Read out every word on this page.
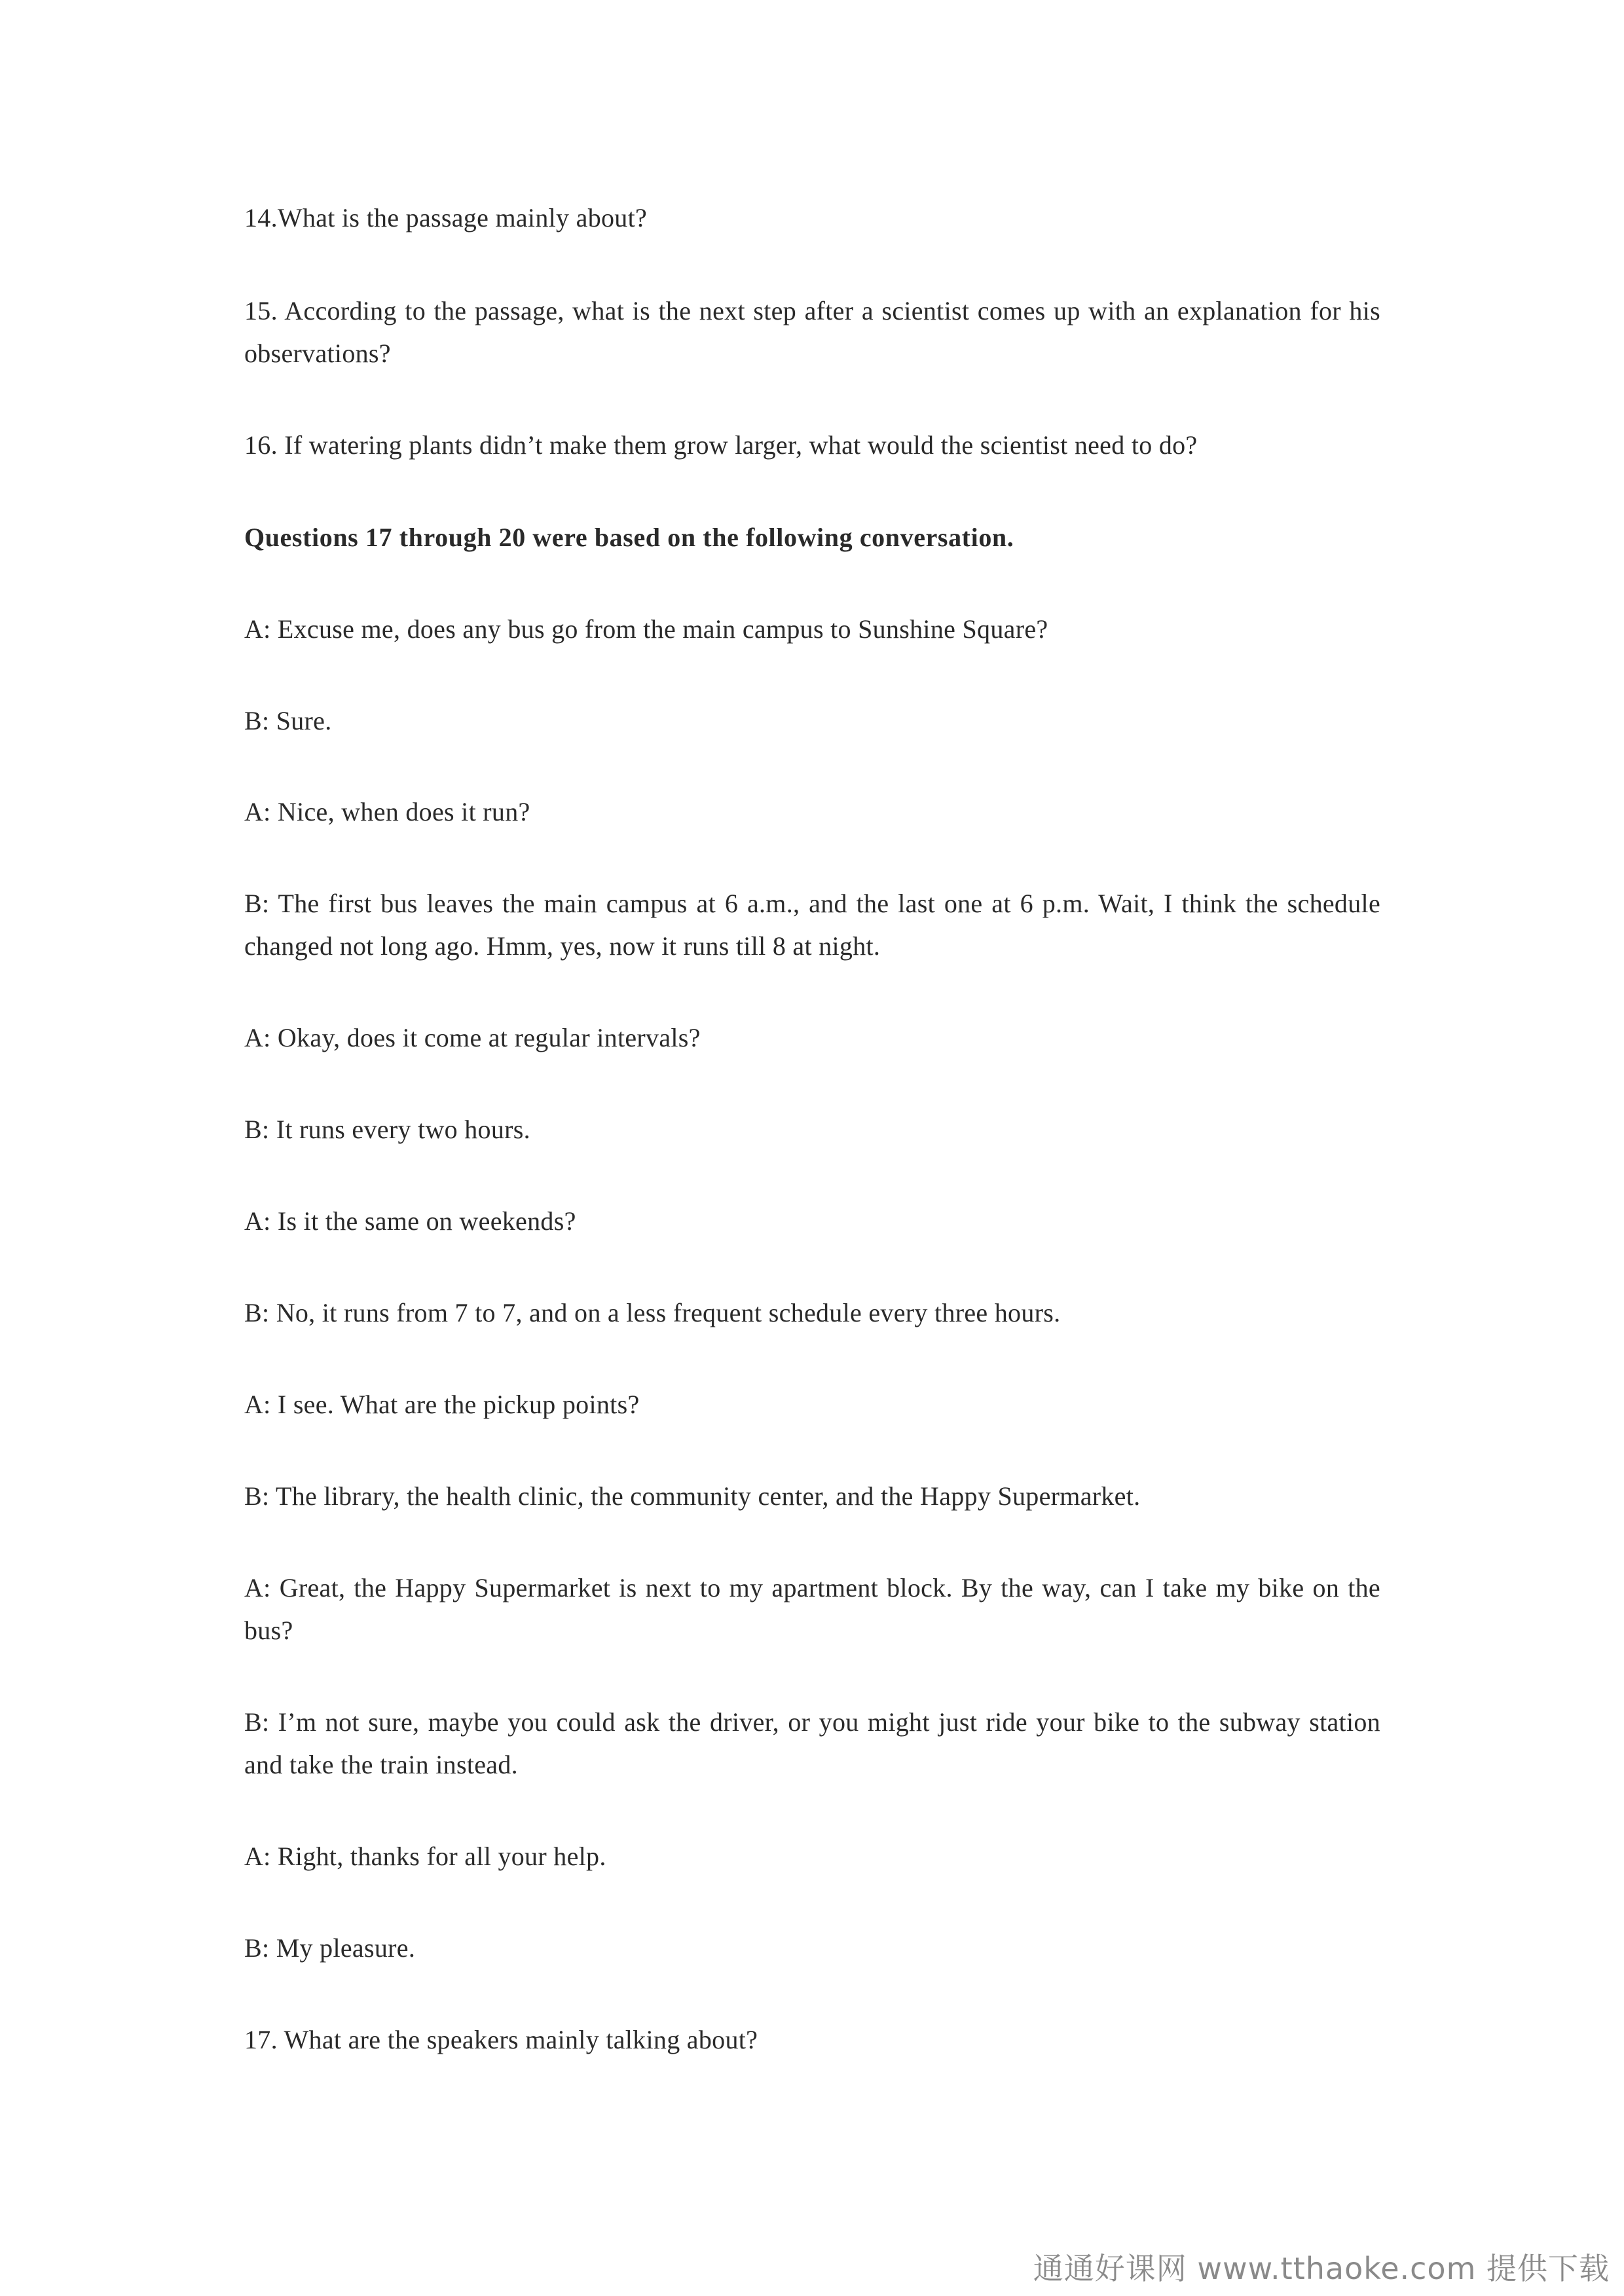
14.What is the passage mainly about?

15. According to the passage, what is the next step after a scientist comes up with an explanation for his observations?

16. If watering plants didn’t make them grow larger, what would the scientist need to do?

Questions 17 through 20 were based on the following conversation.

A: Excuse me, does any bus go from the main campus to Sunshine Square?

B: Sure.

A: Nice, when does it run?

B: The first bus leaves the main campus at 6 a.m., and the last one at 6 p.m. Wait, I think the schedule changed not long ago. Hmm, yes, now it runs till 8 at night.

A: Okay, does it come at regular intervals?

B: It runs every two hours.

A: Is it the same on weekends?

B: No, it runs from 7 to 7, and on a less frequent schedule every three hours.

A: I see. What are the pickup points?

B: The library, the health clinic, the community center, and the Happy Supermarket.

A: Great, the Happy Supermarket is next to my apartment block. By the way, can I take my bike on the bus?

B: I’m not sure, maybe you could ask the driver, or you might just ride your bike to the subway station and take the train instead.

A: Right, thanks for all your help.

B: My pleasure.

17. What are the speakers mainly talking about?

通通好课网 www.tthaoke.com 提供下载
